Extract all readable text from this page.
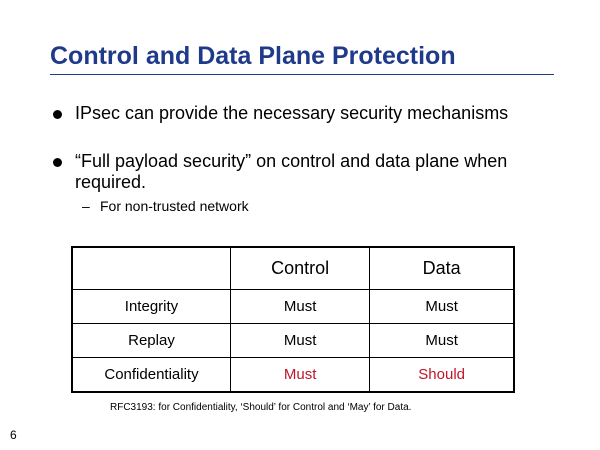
Control and Data Plane Protection
IPsec can provide the necessary security mechanisms
“Full payload security” on control and data plane when required.
– For non-trusted network
	Control	Data
Integrity	Must	Must
Replay	Must	Must
Confidentiality	Must	Should
RFC3193: for Confidentiality, ‘Should’ for Control and ‘May’ for Data.
6
